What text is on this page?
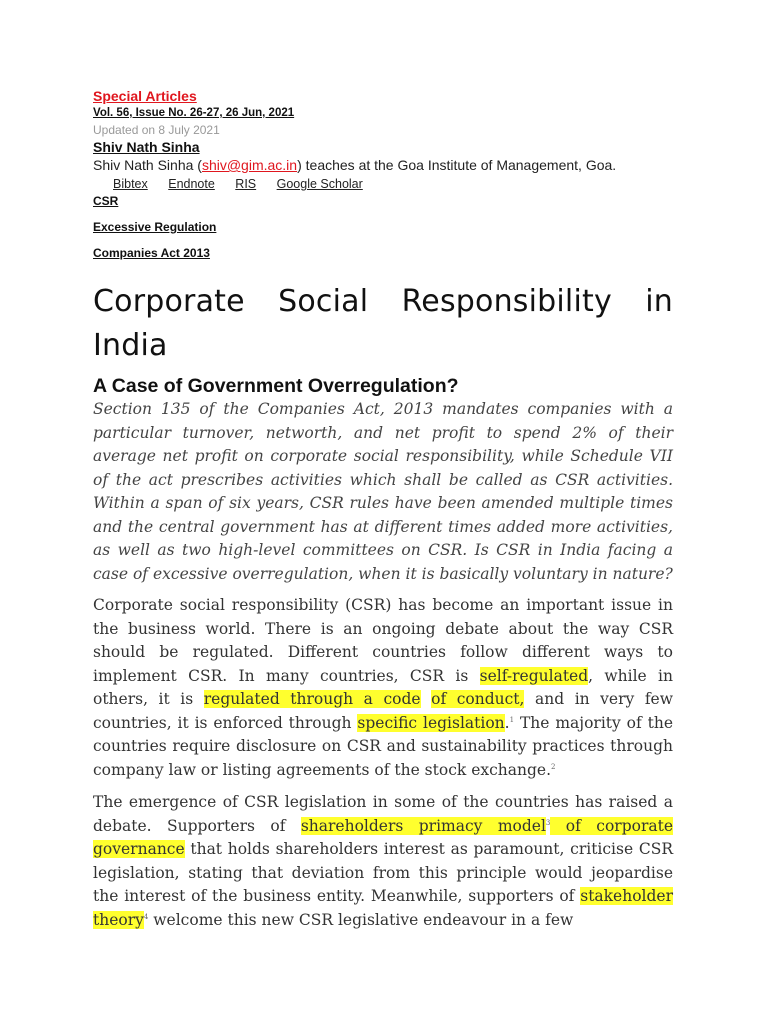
Special Articles
Vol. 56, Issue No. 26-27, 26 Jun, 2021
Updated on 8 July 2021
Shiv Nath Sinha
Shiv Nath Sinha (shiv@gim.ac.in) teaches at the Goa Institute of Management, Goa.
Bibtex Endnote RIS Google Scholar
CSR
Excessive Regulation
Companies Act 2013
Corporate Social Responsibility in India
A Case of Government Overregulation?

Section 135 of the Companies Act, 2013 mandates companies with a particular turnover, networth, and net profit to spend 2% of their average net profit on corporate social responsibility, while Schedule VII of the act prescribes activities which shall be called as CSR activities. Within a span of six years, CSR rules have been amended multiple times and the central government has at different times added more activities, as well as two high-level committees on CSR. Is CSR in India facing a case of excessive overregulation, when it is basically voluntary in nature?

Corporate social responsibility (CSR) has become an important issue in the business world. There is an ongoing debate about the way CSR should be regulated. Different countries follow different ways to implement CSR. In many countries, CSR is self-regulated, while in others, it is regulated through a code of conduct, and in very few countries, it is enforced through specific legislation.$^1$ The majority of the countries require disclosure on CSR and sustainability practices through company law or listing agreements of the stock exchange.$^2$

The emergence of CSR legislation in some of the countries has raised a debate. Supporters of shareholders primacy model$^3$ of corporate governance that holds shareholders interest as paramount, criticise CSR legislation, stating that deviation from this principle would jeopardise the interest of the business entity. Meanwhile, supporters of stakeholder theory$^4$ welcome this new CSR legislative endeavour in a few
